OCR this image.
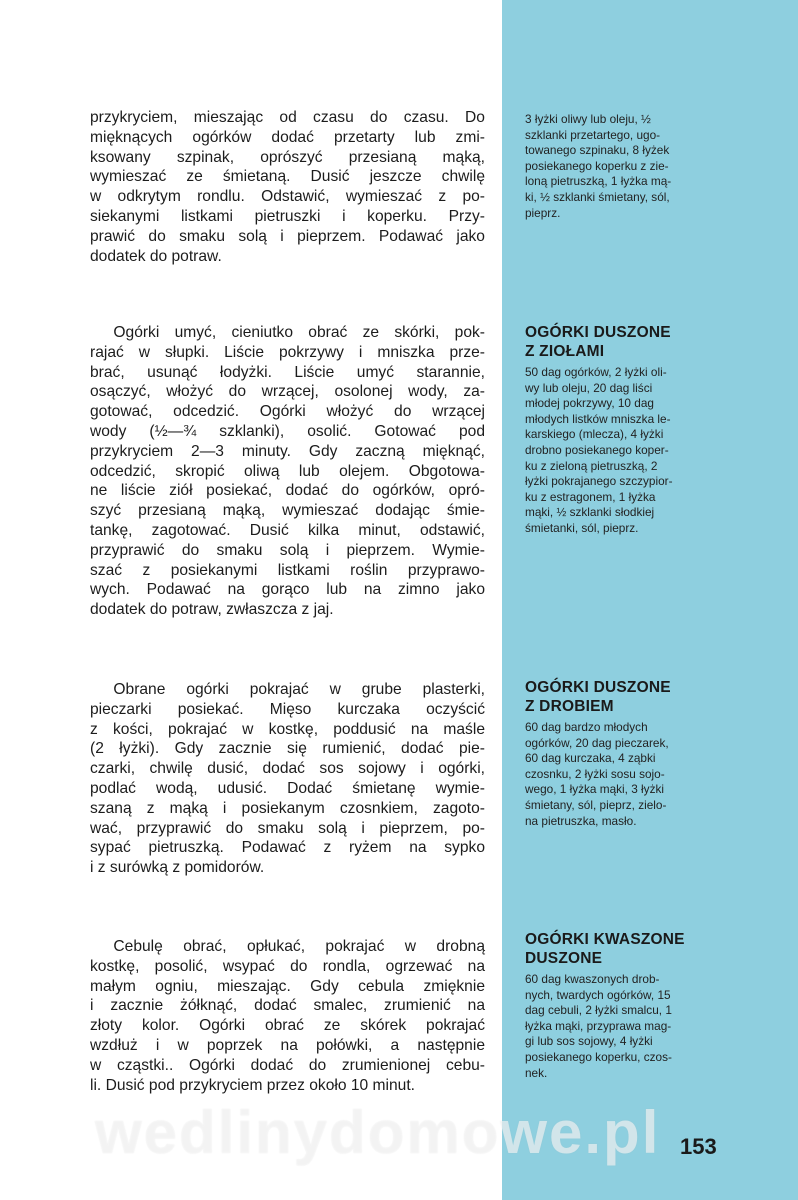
przykryciem, mieszając od czasu do czasu. Do
mięknących ogórków dodać przetarty lub zmi-
ksowany szpinak, oprószyć przesianą mąką,
wymieszać ze śmietaną. Dusić jeszcze chwilę
w odkrytym rondlu. Odstawić, wymieszać z po-
siekanymi listkami pietruszki i koperku. Przy-
prawić do smaku solą i pieprzem. Podawać jako
dodatek do potraw.
  Ogórki umyć, cieniutko obrać ze skórki, pok-
rajać w słupki. Liście pokrzywy i mniszka prze-
brać, usunąć łodyżki. Liście umyć starannie,
osączyć, włożyć do wrzącej, osolonej wody, za-
gotować, odcedzić. Ogórki włożyć do wrzącej
wody (½—¾ szklanki), osolić. Gotować pod
przykryciem 2—3 minuty. Gdy zaczną mięknąć,
odcedzić, skropić oliwą lub olejem. Obgotowa-
ne liście ziół posiekać, dodać do ogórków, opró-
szyć przesianą mąką, wymieszać dodając śmie-
tankę, zagotować. Dusić kilka minut, odstawić,
przyprawić do smaku solą i pieprzem. Wymie-
szać z posiekanymi listkami roślin przyprawo-
wych. Podawać na gorąco lub na zimno jako
dodatek do potraw, zwłaszcza z jaj.
  Obrane ogórki pokrajać w grube plasterki,
pieczarki posiekać. Mięso kurczaka oczyścić
z kości, pokrajać w kostkę, poddusić na maśle
(2 łyżki). Gdy zacznie się rumienić, dodać pie-
czarki, chwilę dusić, dodać sos sojowy i ogórki,
podlać wodą, udusić. Dodać śmietanę wymie-
szaną z mąką i posiekanym czosnkiem, zagoto-
wać, przyprawić do smaku solą i pieprzem, po-
sypać pietruszką. Podawać z ryżem na sypko
i z surówką z pomidorów.
  Cebulę obrać, opłukać, pokrajać w drobną
kostkę, posolić, wsypać do rondla, ogrzewać na
małym ogniu, mieszając. Gdy cebula zmięknie
i zacznie żółknąć, dodać smalec, zrumienić na
złoty kolor. Ogórki obrać ze skórek pokrajać
wzdłuż i w poprzek na połówki, a następnie
w cząstki.. Ogórki dodać do zrumienionej cebu-
li. Dusić pod przykryciem przez około 10 minut.
3 łyżki oliwy lub oleju, ½
szklanki przetartego, ugo-
towanego szpinaku, 8 łyżek
posiekanego koperku z zie-
loną pietruszką, 1 łyżka mą-
ki, ½ szklanki śmietany, sól,
pieprz.
OGÓRKI DUSZONE
Z ZIOŁAMI
50 dag ogórków, 2 łyżki oli-
wy lub oleju, 20 dag liści
młodej pokrzywy, 10 dag
młodych listków mniszka le-
karskiego (mlecza), 4 łyżki
drobno posiekanego koper-
ku z zieloną pietruszką, 2
łyżki pokrajanego szczypior-
ku z estragonem, 1 łyżka
mąki, ½ szklanki słodkiej
śmietanki, sól, pieprz.
OGÓRKI DUSZONE
Z DROBIEM
60 dag bardzo młodych
ogórków, 20 dag pieczarek,
60 dag kurczaka, 4 ząbki
czosnku, 2 łyżki sosu sojo-
wego, 1 łyżka mąki, 3 łyżki
śmietany, sól, pieprz, zielo-
na pietruszka, masło.
OGÓRKI KWASZONE
DUSZONE
60 dag kwaszonych drob-
nych, twardych ogórków, 15
dag cebuli, 2 łyżki smalcu, 1
łyżka mąki, przyprawa mag-
gi lub sos sojowy, 4 łyżki
posiekanego koperku, czos-
nek.
wedlinydomowe.pl 153
